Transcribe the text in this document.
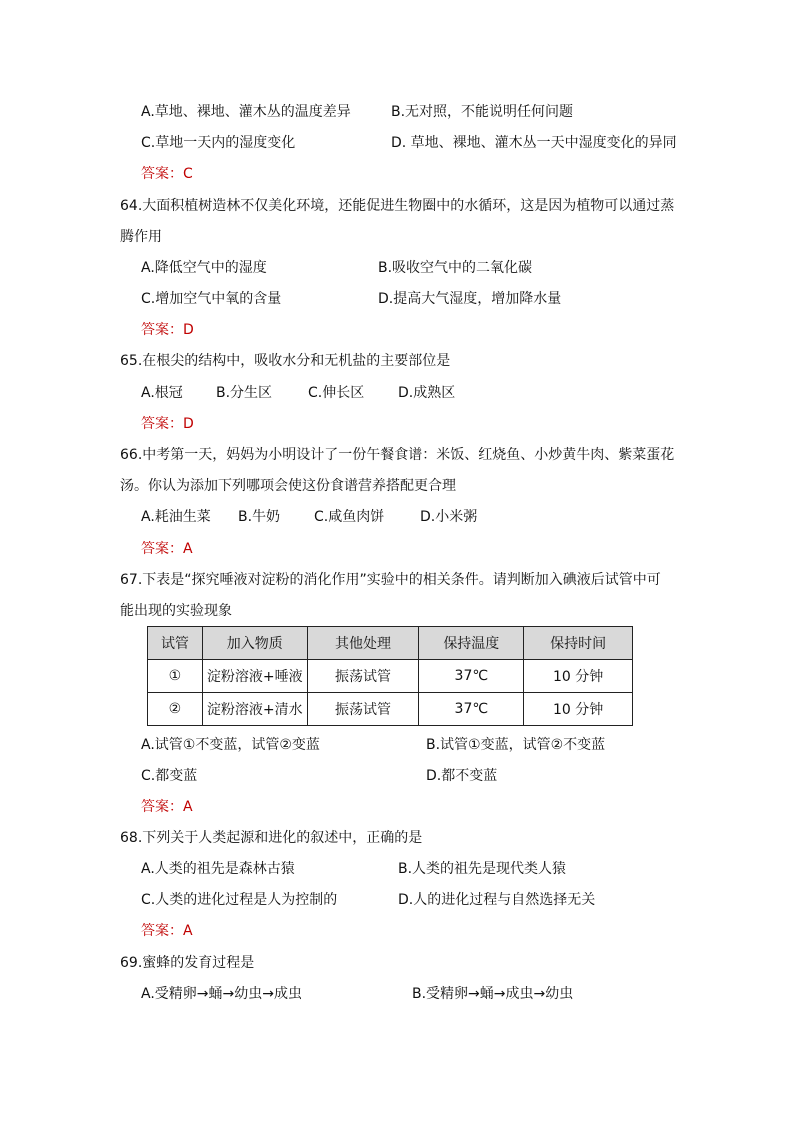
A.草地、裸地、灌木丛的温度差异	B.无对照，不能说明任何问题
C.草地一天内的湿度变化	D. 草地、裸地、灌木丛一天中湿度变化的异同
答案：C
64.大面积植树造林不仅美化环境，还能促进生物圈中的水循环，这是因为植物可以通过蒸
腾作用
A.降低空气中的湿度	B.吸收空气中的二氧化碳
C.增加空气中氧的含量	D.提高大气湿度，增加降水量
答案：D
65.在根尖的结构中，吸收水分和无机盐的主要部位是
A.根冠 B.分生区	C.伸长区 D.成熟区
答案：D
66.中考第一天，妈妈为小明设计了一份午餐食谱：米饭、红烧鱼、小炒黄牛肉、紫菜蛋花
汤。你认为添加下列哪项会使这份食谱营养搭配更合理
A.耗油生菜 B.牛奶 C.咸鱼肉饼	D.小米粥
答案：A
67.下表是“探究唾液对淀粉的消化作用”实验中的相关条件。请判断加入碘液后试管中可
能出现的实验现象
试管	加入物质	其他处理	保持温度	保持时间
①	淀粉溶液+唾液	振荡试管	37℃	10 分钟
②	淀粉溶液+清水	振荡试管	37℃	10 分钟
A.试管①不变蓝，试管②变蓝	B.试管①变蓝，试管②不变蓝
C.都变蓝	D.都不变蓝
答案：A
68.下列关于人类起源和进化的叙述中，正确的是
A.人类的祖先是森林古猿	B.人类的祖先是现代类人猿
C.人类的进化过程是人为控制的	D.人的进化过程与自然选择无关
答案：A
69.蜜蜂的发育过程是
A.受精卵→蛹→幼虫→成虫	B.受精卵→蛹→成虫→幼虫
